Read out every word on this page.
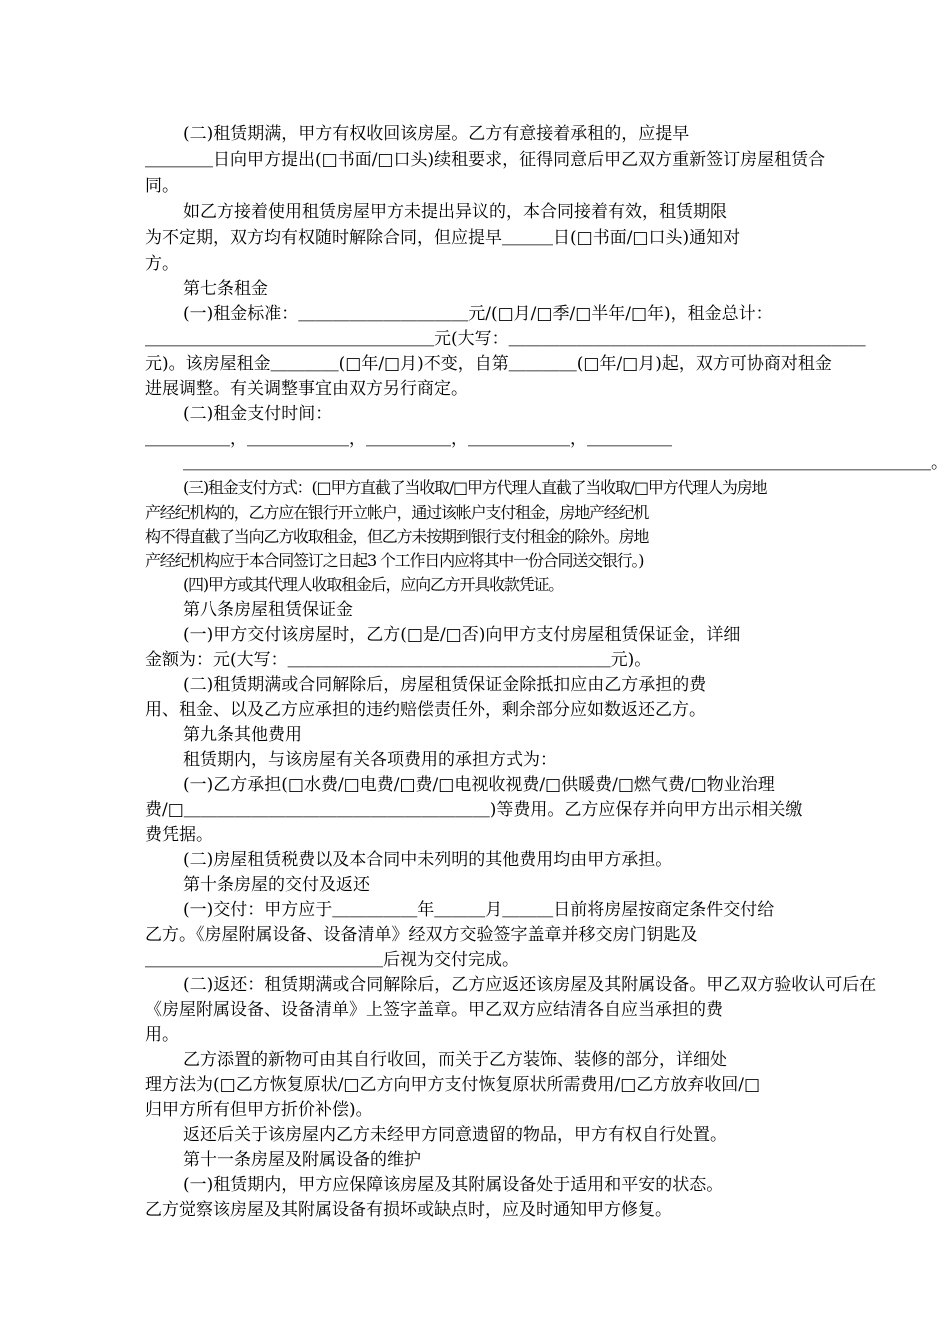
(二)租赁期满，甲方有权收回该房屋。乙方有意接着承租的，应提早
＿＿＿＿日向甲方提出(□书面/□口头)续租要求，征得同意后甲乙双方重新签订房屋租赁合
同。
如乙方接着使用租赁房屋甲方未提出异议的，本合同接着有效，租赁期限
为不定期，双方均有权随时解除合同，但应提早＿＿＿日(□书面/□口头)通知对
方。
第七条租金
(一)租金标准：＿＿＿＿＿＿＿＿＿＿元/(□月/□季/□半年/□年)，租金总计：
＿＿＿＿＿＿＿＿＿＿＿＿＿＿＿＿＿元(大写：＿＿＿＿＿＿＿＿＿＿＿＿＿＿＿＿＿＿＿＿＿
元)。该房屋租金＿＿＿＿(□年/□月)不变，自第＿＿＿＿(□年/□月)起，双方可协商对租金
进展调整。有关调整事宜由双方另行商定。
(二)租金支付时间：
＿＿＿＿＿，＿＿＿＿＿＿，＿＿＿＿＿，＿＿＿＿＿＿，＿＿＿＿＿
＿＿＿＿＿＿＿＿＿＿＿＿＿＿＿＿＿＿＿＿＿＿＿＿＿＿＿＿＿＿＿＿＿＿＿＿＿＿＿＿＿＿＿＿。
(三)租金支付方式：(□甲方直截了当收取/□甲方代理人直截了当收取/□甲方代理人为房地
产经纪机构的，乙方应在银行开立帐户，通过该帐户支付租金，房地产经纪机
构不得直截了当向乙方收取租金，但乙方未按期到银行支付租金的除外。房地
产经纪机构应于本合同签订之日起3 个工作日内应将其中一份合同送交银行。)
(四)甲方或其代理人收取租金后，应向乙方开具收款凭证。
第八条房屋租赁保证金
(一)甲方交付该房屋时，乙方(□是/□否)向甲方支付房屋租赁保证金，详细
金额为：元(大写：＿＿＿＿＿＿＿＿＿＿＿＿＿＿＿＿＿＿＿元)。
(二)租赁期满或合同解除后，房屋租赁保证金除抵扣应由乙方承担的费
用、租金、以及乙方应承担的违约赔偿责任外，剩余部分应如数返还乙方。
第九条其他费用
租赁期内，与该房屋有关各项费用的承担方式为：
(一)乙方承担(□水费/□电费/□费/□电视收视费/□供暖费/□燃气费/□物业治理
费/□＿＿＿＿＿＿＿＿＿＿＿＿＿＿＿＿＿＿)等费用。乙方应保存并向甲方出示相关缴
费凭据。
(二)房屋租赁税费以及本合同中未列明的其他费用均由甲方承担。
第十条房屋的交付及返还
(一)交付：甲方应于＿＿＿＿＿年＿＿＿月＿＿＿日前将房屋按商定条件交付给
乙方。《房屋附属设备、设备清单》经双方交验签字盖章并移交房门钥匙及
＿＿＿＿＿＿＿＿＿＿＿＿＿＿后视为交付完成。
(二)返还：租赁期满或合同解除后，乙方应返还该房屋及其附属设备。甲乙双方验收认可后在
《房屋附属设备、设备清单》上签字盖章。甲乙双方应结清各自应当承担的费
用。
乙方添置的新物可由其自行收回，而关于乙方装饰、装修的部分，详细处
理方法为(□乙方恢复原状/□乙方向甲方支付恢复原状所需费用/□乙方放弃收回/□
归甲方所有但甲方折价补偿)。
返还后关于该房屋内乙方未经甲方同意遗留的物品，甲方有权自行处置。
第十一条房屋及附属设备的维护
(一)租赁期内，甲方应保障该房屋及其附属设备处于适用和平安的状态。
乙方觉察该房屋及其附属设备有损坏或缺点时，应及时通知甲方修复。
